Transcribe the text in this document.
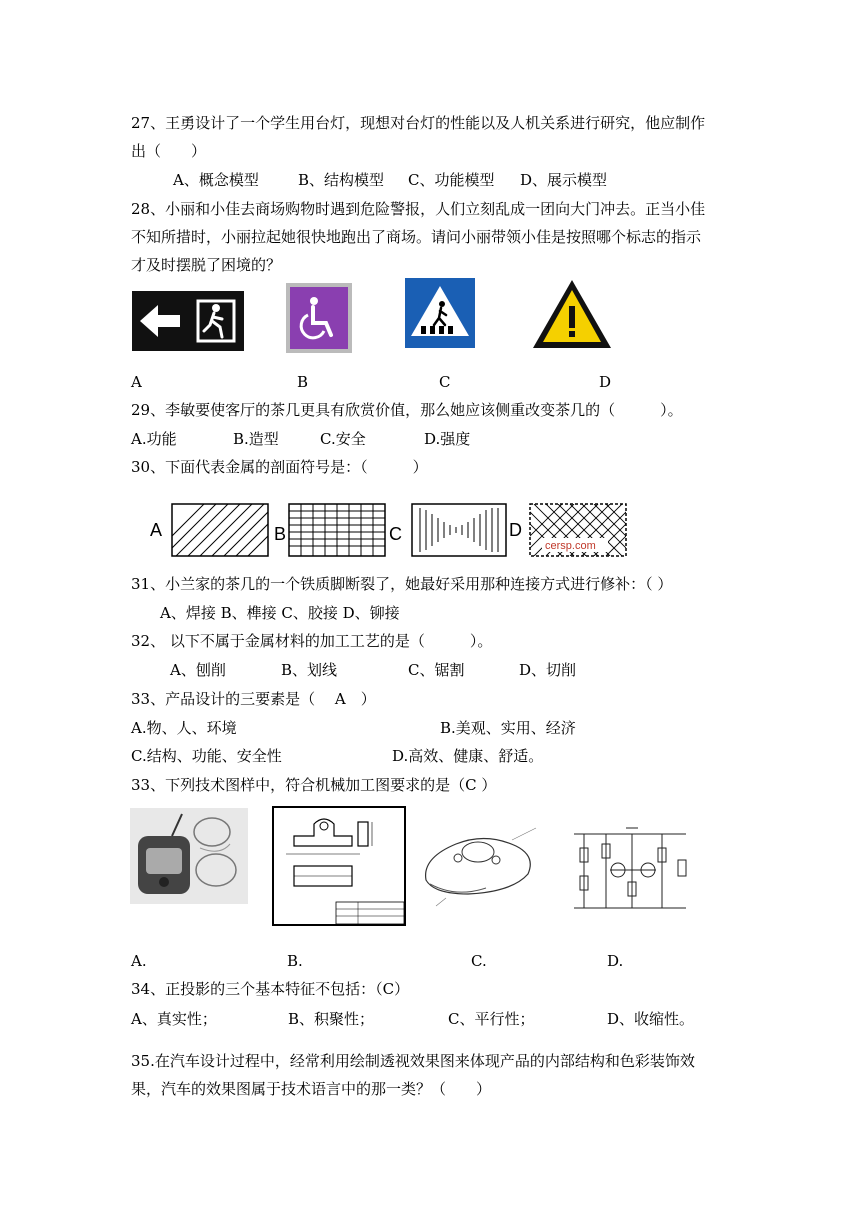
27、王勇设计了一个学生用台灯，现想对台灯的性能以及人机关系进行研究，他应制作
出（　　）
A、概念模型	B、结构模型 C、功能模型 D、展示模型
28、小丽和小佳去商场购物时遇到危险警报，人们立刻乱成一团向大门冲去。正当小佳
不知所措时，小丽拉起她很快地跑出了商场。请问小丽带领小佳是按照哪个标志的指示
才及时摆脱了困境的？
A	B	C	D
29、李敏要使客厅的茶几更具有欣赏价值，那么她应该侧重改变茶几的（　　　）。
A.功能	B.造型	C.安全	D.强度
30、下面代表金属的剖面符号是：（　　　）
A	B	C	D
cersp.com
31、小兰家的茶几的一个铁质脚断裂了，她最好采用那种连接方式进行修补：（ ）
A、焊接 B、榫接 C、胶接 D、铆接
32、 以下不属于金属材料的加工工艺的是（　　　）。
A、刨削	B、划线	C、锯割	D、切削
33、产品设计的三要素是（　 A　）
A.物、人、环境	B.美观、实用、经济
C.结构、功能、安全性	D.高效、健康、舒适。
33、下列技术图样中，符合机械加工图要求的是（C ）
A.	B.	C.	D.
34、正投影的三个基本特征不包括：（C）
A、真实性；	B、积聚性；	C、平行性；	D、收缩性。
35.在汽车设计过程中，经常利用绘制透视效果图来体现产品的内部结构和色彩装饰效
果，汽车的效果图属于技术语言中的那一类？（　　）
